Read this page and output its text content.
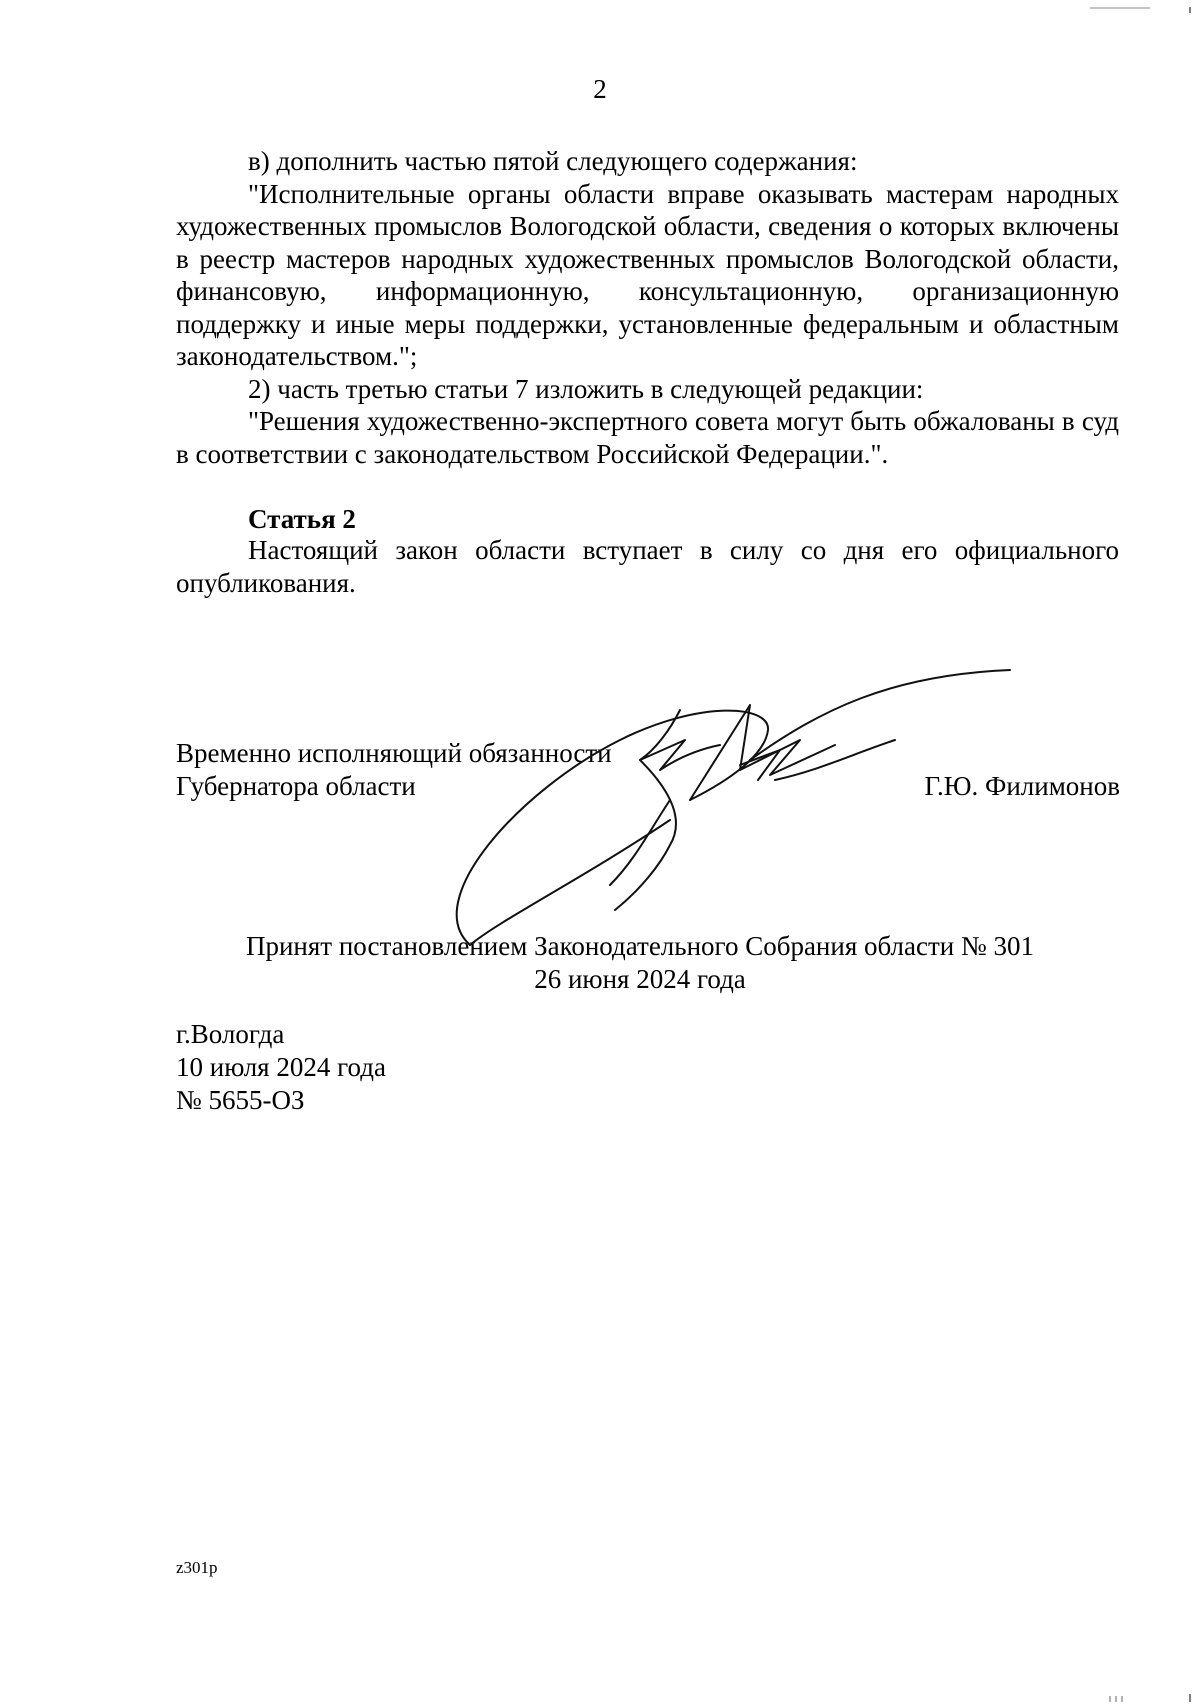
2

в) дополнить частью пятой следующего содержания:

"Исполнительные органы области вправе оказывать мастерам народных художественных промыслов Вологодской области, сведения о которых включены в реестр мастеров народных художественных промыслов Вологодской области, финансовую, информационную, консультационную, организационную поддержку и иные меры поддержки, установленные федеральным и областным законодательством.";

2) часть третью статьи 7 изложить в следующей редакции:

"Решения художественно-экспертного совета могут быть обжалованы в суд в соответствии с законодательством Российской Федерации.".

Статья 2

Настоящий закон области вступает в силу со дня его официального опубликования.

Временно исполняющий обязанности
Губернатора области	Г.Ю. Филимонов
Принят постановлением Законодательного Собрания области № 301
26 июня 2024 года
г.Вологда
10 июля 2024 года
№ 5655-ОЗ
z301p
